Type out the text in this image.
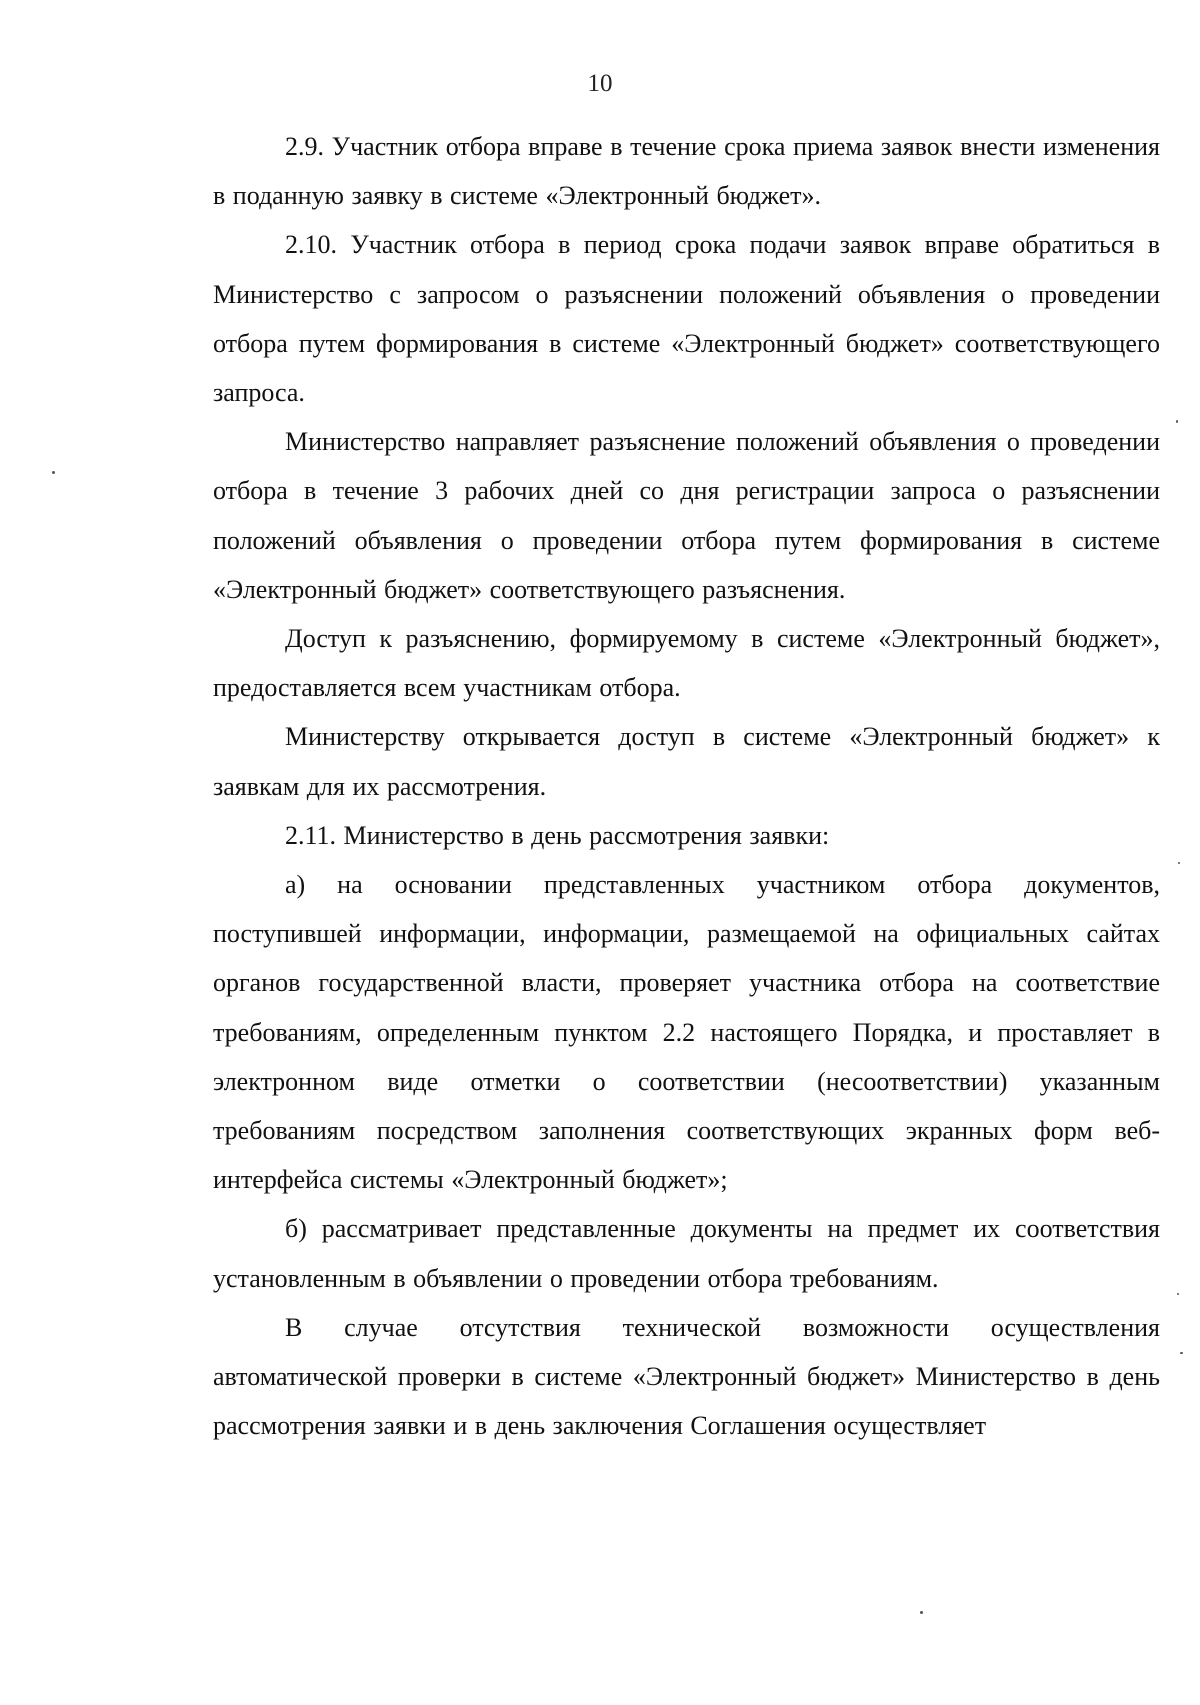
10

2.9. Участник отбора вправе в течение срока приема заявок внести изменения в поданную заявку в системе «Электронный бюджет».

2.10. Участник отбора в период срока подачи заявок вправе обратиться в Министерство с запросом о разъяснении положений объявления о проведении отбора путем формирования в системе «Электронный бюджет» соответствующего запроса.

Министерство направляет разъяснение положений объявления о проведении отбора в течение 3 рабочих дней со дня регистрации запроса о разъяснении положений объявления о проведении отбора путем формирования в системе «Электронный бюджет» соответствующего разъяснения.

Доступ к разъяснению, формируемому в системе «Электронный бюджет», предоставляется всем участникам отбора.

Министерству открывается доступ в системе «Электронный бюджет» к заявкам для их рассмотрения.

2.11. Министерство в день рассмотрения заявки:

а) на основании представленных участником отбора документов, поступившей информации, информации, размещаемой на официальных сайтах органов государственной власти, проверяет участника отбора на соответствие требованиям, определенным пунктом 2.2 настоящего Порядка, и проставляет в электронном виде отметки о соответствии (несоответствии) указанным требованиям посредством заполнения соответствующих экранных форм веб-интерфейса системы «Электронный бюджет»;

б) рассматривает представленные документы на предмет их соответствия установленным в объявлении о проведении отбора требованиям.

В случае отсутствия технической возможности осуществления автоматической проверки в системе «Электронный бюджет» Министерство в день рассмотрения заявки и в день заключения Соглашения осуществляет
